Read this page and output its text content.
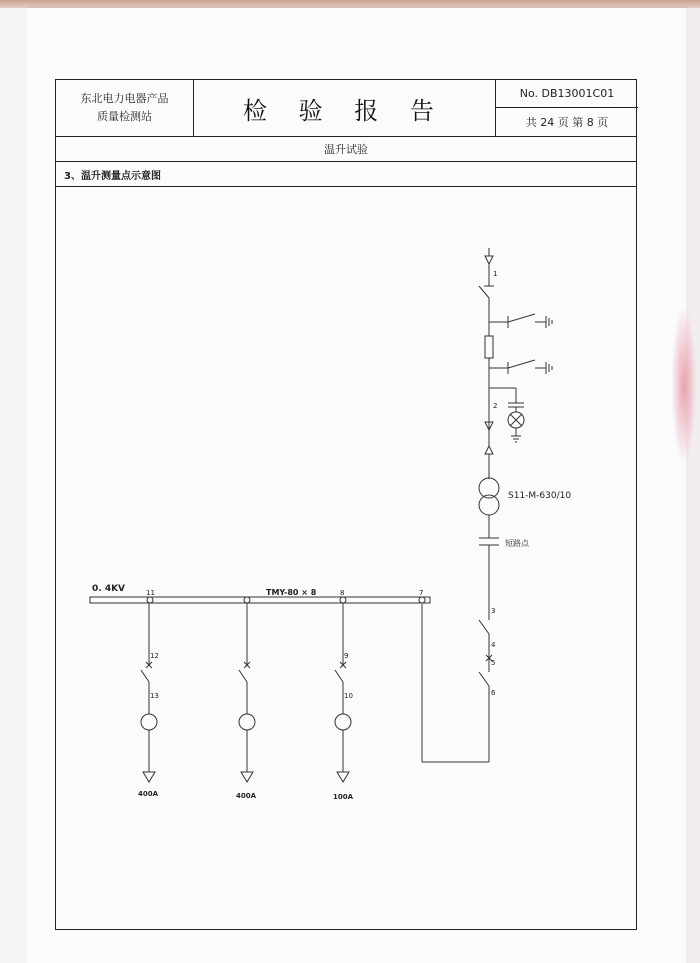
东北电力电器产品
质量检测站	检 验 报 告
No. DB13001C01
共 24 页 第 8 页
温升试验
3、温升测量点示意图
1
2
3
4
5
6
7
8
9
10
11
12
13
0. 4KV	TMY-80 × 8
S11-M-630/10
短路点
400A	400A	100A
